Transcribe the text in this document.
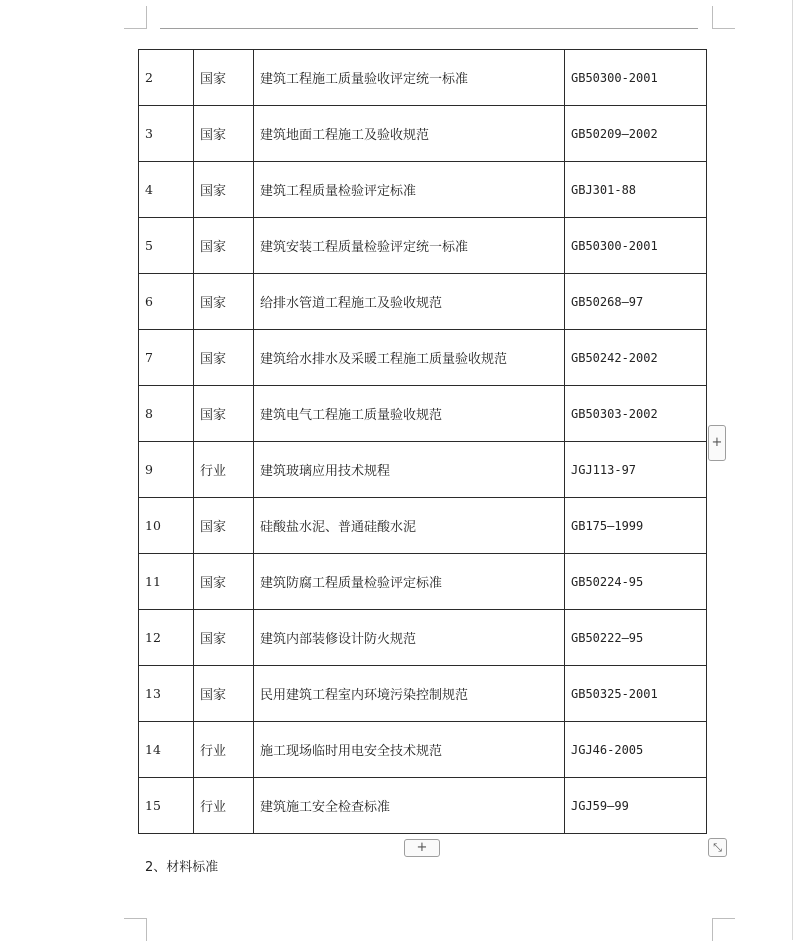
2	国家	建筑工程施工质量验收评定统一标准	GB50300-2001
3	国家	建筑地面工程施工及验收规范	GB50209—2002
4	国家	建筑工程质量检验评定标准	GBJ301-88
5	国家	建筑安装工程质量检验评定统一标准	GB50300-2001
6	国家	给排水管道工程施工及验收规范	GB50268—97
7	国家	建筑给水排水及采暖工程施工质量验收规范	GB50242-2002
8	国家	建筑电气工程施工质量验收规范	GB50303-2002
9	行业	建筑玻璃应用技术规程	JGJ113-97
10	国家	硅酸盐水泥、普通硅酸水泥	GB175—1999
11	国家	建筑防腐工程质量检验评定标准	GB50224-95
12	国家	建筑内部装修设计防火规范	GB50222—95
13	国家	民用建筑工程室内环境污染控制规范	GB50325-2001
14	行业	施工现场临时用电安全技术规范	JGJ46-2005
15	行业	建筑施工安全检查标准	JGJ59—99
+
+	⤡
2、材料标准
